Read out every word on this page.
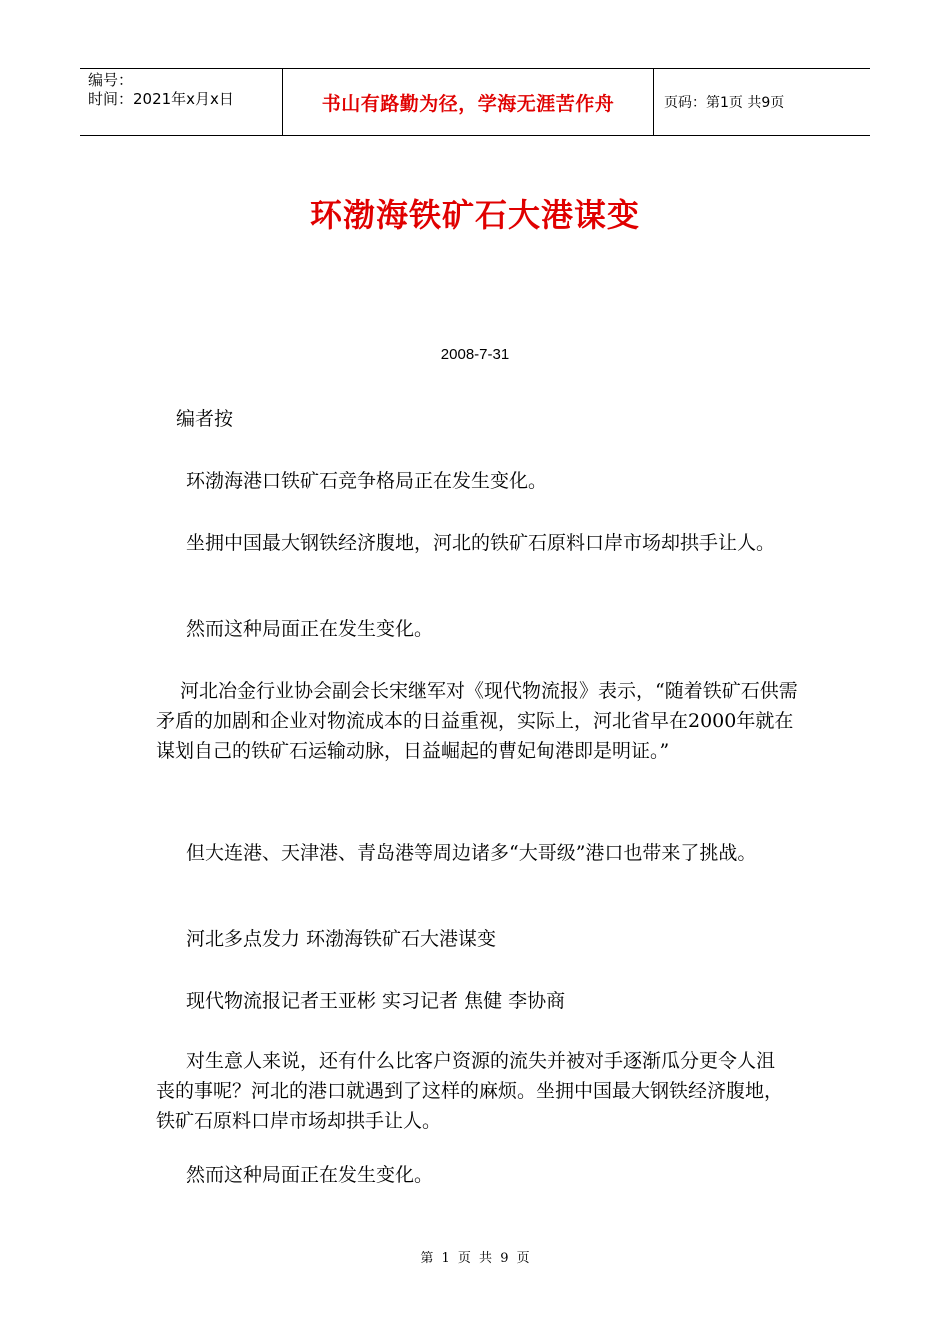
编号：
时间：2021年x月x日	书山有路勤为径，学海无涯苦作舟	页码：第1页 共9页
环渤海铁矿石大港谋变
2008-7-31

编者按

环渤海港口铁矿石竞争格局正在发生变化。

坐拥中国最大钢铁经济腹地，河北的铁矿石原料口岸市场却拱手让人。

然而这种局面正在发生变化。

河北冶金行业协会副会长宋继军对《现代物流报》表示，“随着铁矿石供需矛盾的加剧和企业对物流成本的日益重视，实际上，河北省早在2000年就在谋划自己的铁矿石运输动脉，日益崛起的曹妃甸港即是明证。”

但大连港、天津港、青岛港等周边诸多“大哥级”港口也带来了挑战。

河北多点发力 环渤海铁矿石大港谋变

现代物流报记者王亚彬 实习记者 焦健 李协商

对生意人来说，还有什么比客户资源的流失并被对手逐渐瓜分更令人沮丧的事呢？河北的港口就遇到了这样的麻烦。坐拥中国最大钢铁经济腹地，铁矿石原料口岸市场却拱手让人。

然而这种局面正在发生变化。

第 1 页 共 9 页
